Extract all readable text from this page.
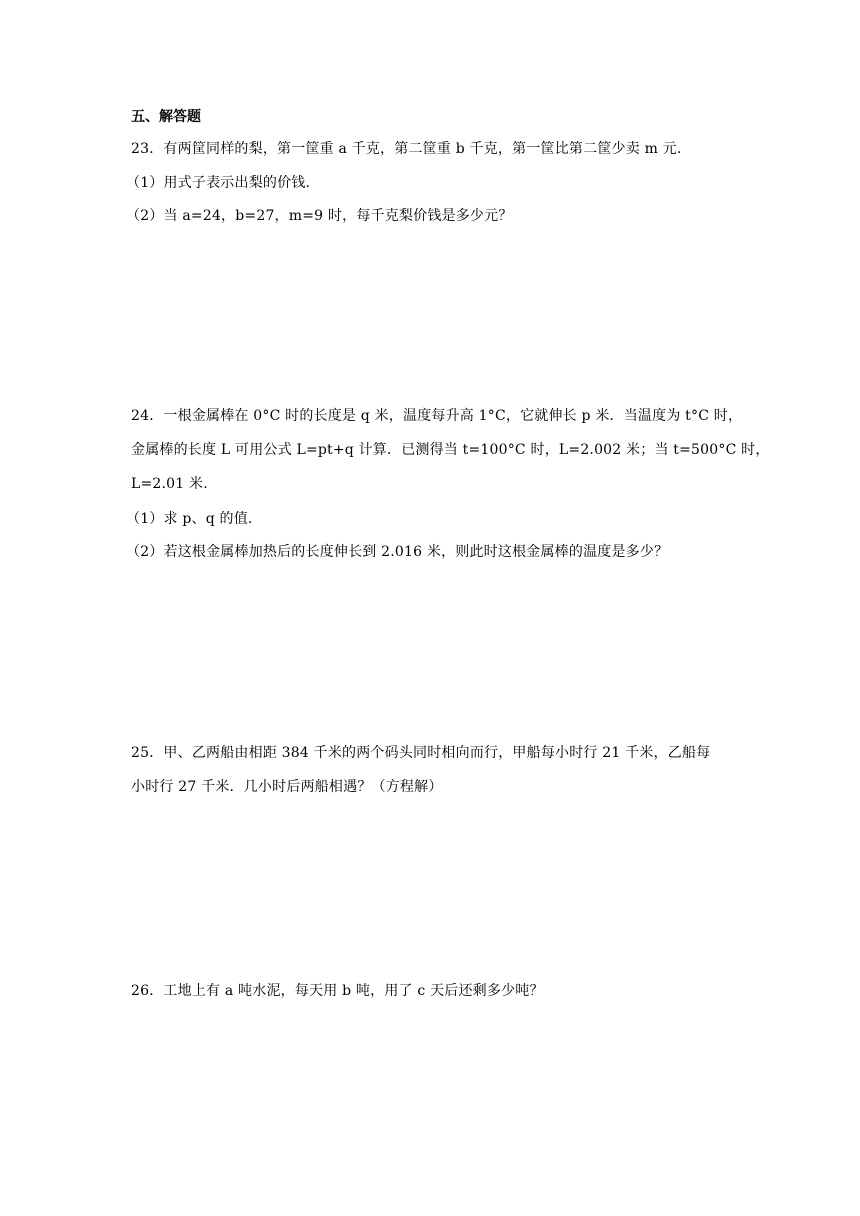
五、解答题
23．有两筐同样的梨，第一筐重 a 千克，第二筐重 b 千克，第一筐比第二筐少卖 m 元.
（1）用式子表示出梨的价钱.
（2）当 a=24，b=27，m=9 时，每千克梨价钱是多少元？
24．一根金属棒在 0°C 时的长度是 q 米，温度每升高 1°C，它就伸长 p 米．当温度为 t°C 时，
金属棒的长度 L 可用公式 L=pt+q 计算．已测得当 t=100°C 时，L=2.002 米；当 t=500°C 时，
L=2.01 米.
（1）求 p、q 的值.
（2）若这根金属棒加热后的长度伸长到 2.016 米，则此时这根金属棒的温度是多少？
25．甲、乙两船由相距 384 千米的两个码头同时相向而行，甲船每小时行 21 千米，乙船每
小时行 27 千米．几小时后两船相遇？（方程解）
26．工地上有 a 吨水泥，每天用 b 吨，用了 c 天后还剩多少吨？
